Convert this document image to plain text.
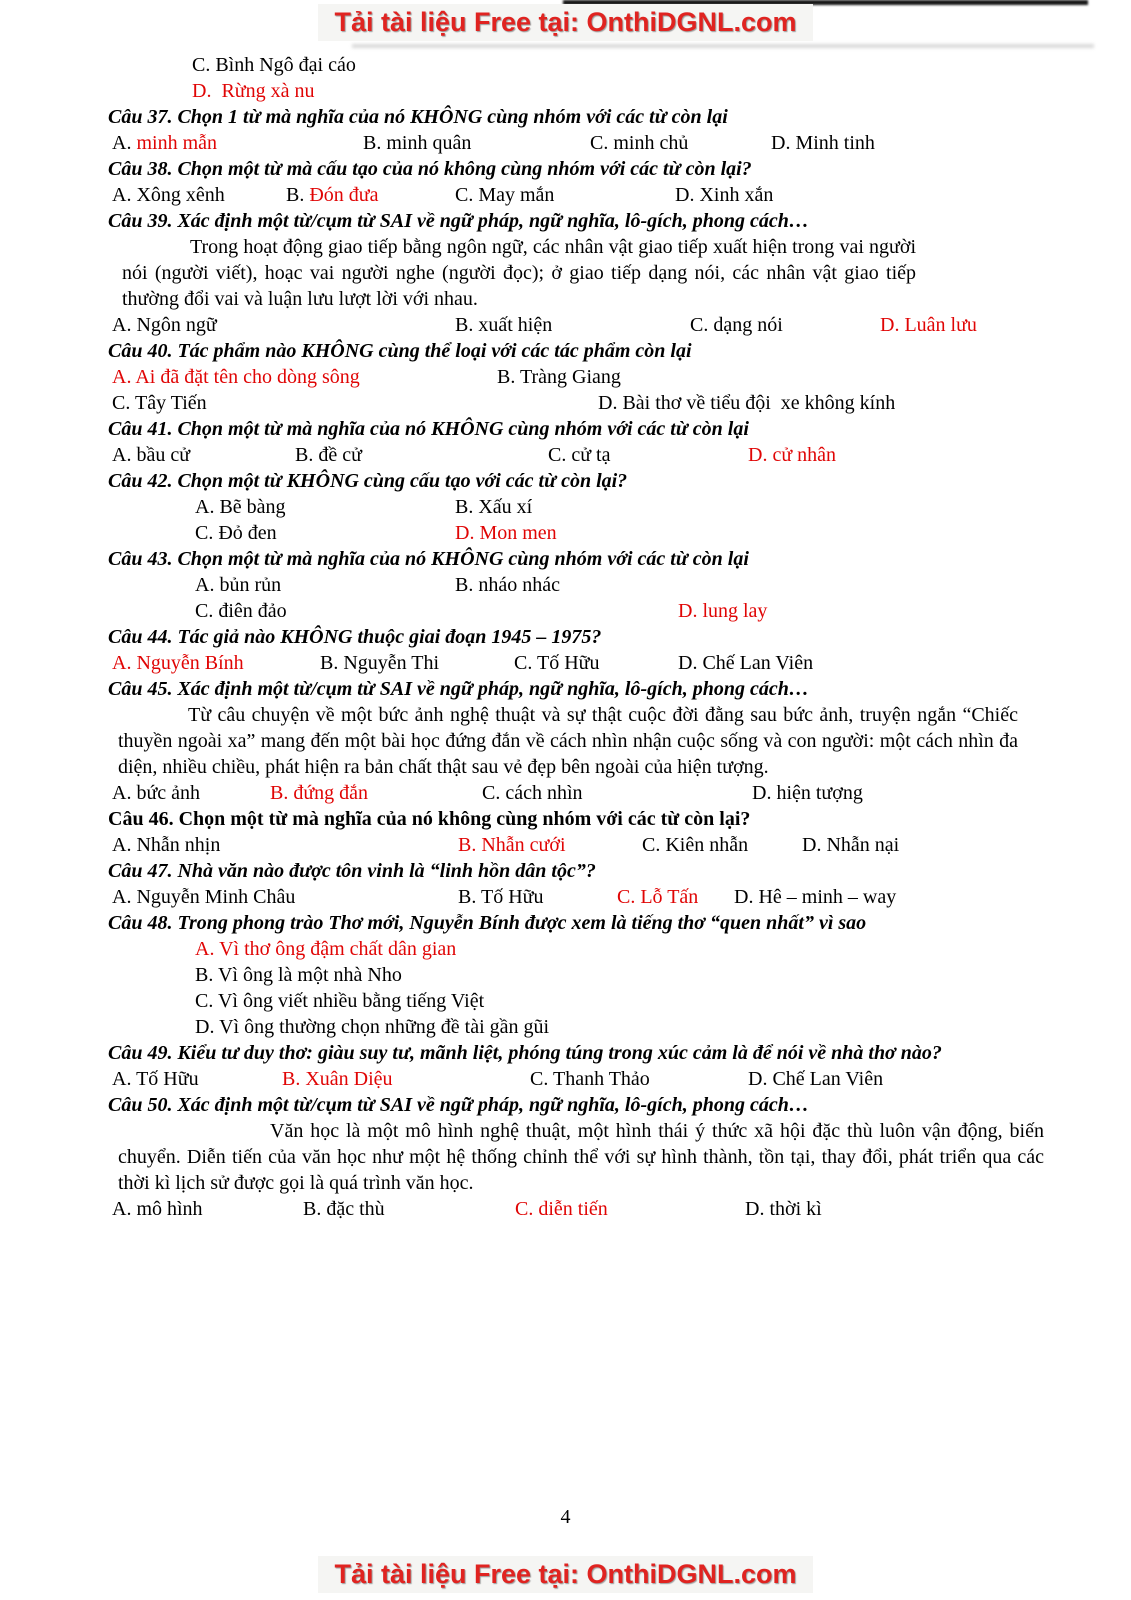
Tải tài liệu Free tại: OnthiDGNL.com
C. Bình Ngô đại cáo
D.  Rừng xà nu
Câu 37. Chọn 1 từ mà nghĩa của nó KHÔNG cùng nhóm với các từ còn lại
A. minh mẫn	B. minh quân	C. minh chủ	D. Minh tinh
Câu 38. Chọn một từ mà cấu tạo của nó không cùng nhóm với các từ còn lại?
A. Xông xênh	B. Đón đưa	C. May mắn	D. Xinh xắn
Câu 39. Xác định một từ/cụm từ SAI về ngữ pháp, ngữ nghĩa, lô-gích, phong cách…
Trong hoạt động giao tiếp bằng ngôn ngữ, các nhân vật giao tiếp xuất hiện trong vai người nói (người viết), hoạc vai người nghe (người đọc); ở giao tiếp dạng nói, các nhân vật giao tiếp thường đổi vai và luận lưu lượt lời với nhau.
A. Ngôn ngữ	B. xuất hiện	C. dạng nói	D. Luân lưu
Câu 40. Tác phẩm nào KHÔNG cùng thể loại với các tác phẩm còn lại
A. Ai đã đặt tên cho dòng sông	B. Tràng Giang
C. Tây Tiến	D. Bài thơ về tiểu đội  xe không kính
Câu 41. Chọn một từ mà nghĩa của nó KHÔNG cùng nhóm với các từ còn lại
A. bầu cử	B. đề cử	C. cử tạ	D. cử nhân
Câu 42. Chọn một từ KHÔNG cùng cấu tạo với các từ còn lại?
A. Bẽ bàng	B. Xấu xí
C. Đỏ đen	D. Mon men
Câu 43. Chọn một từ mà nghĩa của nó KHÔNG cùng nhóm với các từ còn lại
A. bủn rủn	B. nháo nhác
C. điên đảo	D. lung lay
Câu 44. Tác giả nào KHÔNG thuộc giai đoạn 1945 – 1975?
A. Nguyễn Bính	B. Nguyễn Thi	C. Tố Hữu	D. Chế Lan Viên
Câu 45. Xác định một từ/cụm từ SAI về ngữ pháp, ngữ nghĩa, lô-gích, phong cách…
Từ câu chuyện về một bức ảnh nghệ thuật và sự thật cuộc đời đằng sau bức ảnh, truyện ngắn “Chiếc thuyền ngoài xa” mang đến một bài học đứng đắn về cách nhìn nhận cuộc sống và con người: một cách nhìn đa diện, nhiều chiều, phát hiện ra bản chất thật sau vẻ đẹp bên ngoài của hiện tượng.
A. bức ảnh	B. đứng đắn	C. cách nhìn	D. hiện tượng
Câu 46. Chọn một từ mà nghĩa của nó không cùng nhóm với các từ còn lại?
A. Nhẫn nhịn	B. Nhẫn cưới	C. Kiên nhẫn	D. Nhẫn nại
Câu 47. Nhà văn nào được tôn vinh là “linh hồn dân tộc”?
A. Nguyễn Minh Châu	B. Tố Hữu	C. Lỗ Tấn D. Hê – minh – way
Câu 48. Trong phong trào Thơ mới, Nguyễn Bính được xem là tiếng thơ “quen nhất” vì sao
A. Vì thơ ông đậm chất dân gian
B. Vì ông là một nhà Nho
C. Vì ông viết nhiều bằng tiếng Việt
D. Vì ông thường chọn những đề tài gần gũi
Câu 49. Kiểu tư duy thơ: giàu suy tư, mãnh liệt, phóng túng trong xúc cảm là để nói về nhà thơ nào?
A. Tố Hữu	B. Xuân Diệu	C. Thanh Thảo	D. Chế Lan Viên
Câu 50. Xác định một từ/cụm từ SAI về ngữ pháp, ngữ nghĩa, lô-gích, phong cách…
Văn học là một mô hình nghệ thuật, một hình thái ý thức xã hội đặc thù luôn vận động, biến chuyển. Diễn tiến của văn học như một hệ thống chỉnh thể với sự hình thành, tồn tại, thay đổi, phát triển qua các thời kì lịch sử được gọi là quá trình văn học.
A. mô hình	B. đặc thù	C. diễn tiến	D. thời kì
4
Tải tài liệu Free tại: OnthiDGNL.com
